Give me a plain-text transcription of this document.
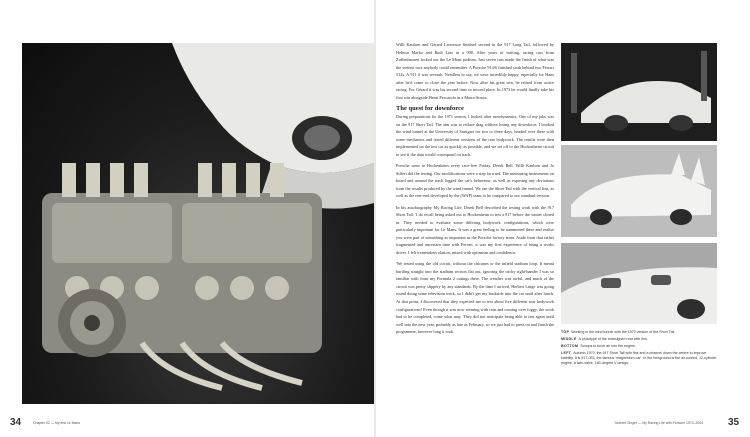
34	Chapter 02 — My first Le Mans

Willi Kaulsen and Gérard Larrousse finished second in the 917 Long Tail, followed by Helmut Marko and Rudi Lins in a 908. After years of waiting, racing cars from Zuffenhausen locked out the Le Mans podium. Just seven cars made the finish of what was the wettest race anybody could remember. A Porsche 914/6 finished sixth behind two Ferrari 512s. A 911 S was seventh. Needless to say, we were incredibly happy, especially for Hans after he'd come so close the year before. Now after his great win, he retired from active racing. For Gérard it was his second time in second place. In 1973 he would finally take his first win alongside Henri Pescarolo in a Matra-Simca.

The quest for downforce

During preparations for the 1971 season, I looked after aerodynamics. One of my jobs was on the 917 Short Tail. The aim was to reduce drag without losing any downforce. I booked the wind tunnel at the University of Stuttgart for two or three days, headed over there with some mechanics and tested different versions of the rear bodywork. The results were then implemented on the test car as quickly as possible, and we set off to the Hockenheim circuit to see if the data would correspond on track.

Porsche went to Hockenheim every race-free Friday. Derek Bell, Willi Kaulsen and Jo Siffert did the testing. Our modifications were a step forward. The measuring instruments on board and around the track logged the car's behaviour, as well as exposing any deviations from the results produced by the wind tunnel. We ran the Short Tail with the vertical fins, as well as the rear-end developed by the (WAP) team to be compared to our standard version.

In his autobiography My Racing Life, Derek Bell described the testing work with the 917 Short Tail: 'I do recall being asked out to Hockenheim to test a 917 before the winter closed in. They needed to evaluate some differing bodywork configurations, which were particularly important for Le Mans. It was a great feeling to be summoned there and realise you were part of something as important as the Porsche factory team. Aside from that rather fragmented and uncertain time with Ferrari, it was my first experience of being a works driver. I felt tremendous elation, mixed with optimism and confidence.

'We tested using the old circuit, without the chicanes or the infield stadium loop. It meant hurtling straight into the stadium section flat out, ignoring the tricky right-hander I was so familiar with from my Formula 2 outings there. The weather was awful, and much of the circuit was pretty slippery by any standards. By the time I arrived, Herbert Linge was going round doing some television work, so I didn't get my backside into the car until after lunch. At that point, I discovered that they expected me to test about five different rear bodywork configurations! Even though it was now teeming with rain and coming over foggy, the work had to be completed, come what may. They did not anticipate being able to test again until well into the new year, probably as late as February, so we just had to press on and finish the programme, however long it took.	TOP Working in the wind tunnel with the 1970 version of the Short Tail.

MIDDLE A prototype of the redesigned rear with fins.

BOTTOM Scoops to force air into the engine.

LEFT Autumn 1970, the 917 Short Tail with fins and a channel down the centre to improve stability. It is 917-053, the famous 'magnesium car'. In the foreground is the air-cooled, 12-cylinder engine, a twin-valve, 180-degree V design.

Norbert Singer — My Racing Life with Porsche 1970–2004 35
